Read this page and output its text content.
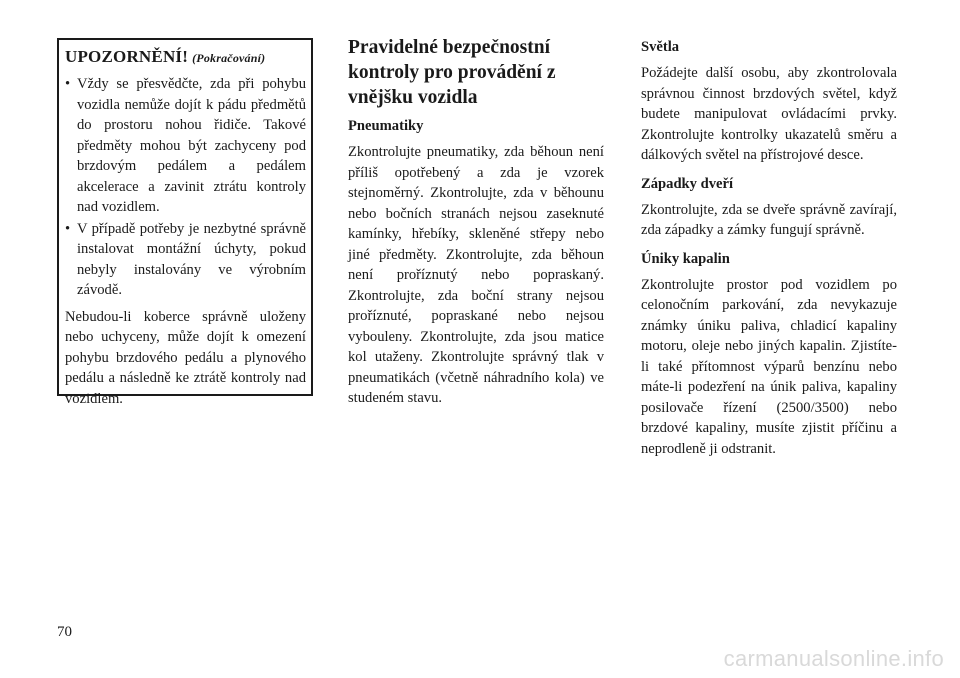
UPOZORNĚNÍ! (Pokračování)
• Vždy se přesvědčte, zda při pohybu vozidla nemůže dojít k pádu předmětů do prostoru nohou řidiče. Takové předměty mohou být zachyceny pod brzdovým pedálem a pedálem akcelerace a zavinit ztrátu kontroly nad vozidlem.
• V případě potřeby je nezbytné správně instalovat montážní úchyty, pokud nebyly instalovány ve výrobním závodě.

Nebudou-li koberce správně uloženy nebo uchyceny, může dojít k omezení pohybu brzdového pedálu a plynového pedálu a následně ke ztrátě kontroly nad vozidlem.

Pravidelné bezpečnostní kontroly pro provádění z vnějšku vozidla
Pneumatiky

Zkontrolujte pneumatiky, zda běhoun není příliš opotřebený a zda je vzorek stejnoměrný. Zkontrolujte, zda v běhounu nebo bočních stranách nejsou zaseknuté kamínky, hřebíky, skleněné střepy nebo jiné předměty. Zkontrolujte, zda běhoun není proříznutý nebo popraskaný. Zkontrolujte, zda boční strany nejsou proříznuté, popraskané nebo nejsou vybouleny. Zkontrolujte, zda jsou matice kol utaženy. Zkontrolujte správný tlak v pneumatikách (včetně náhradního kola) ve studeném stavu.

Světla

Požádejte další osobu, aby zkontrolovala správnou činnost brzdových světel, když budete manipulovat ovládacími prvky. Zkontrolujte kontrolky ukazatelů směru a dálkových světel na přístrojové desce.

Západky dveří

Zkontrolujte, zda se dveře správně zavírají, zda západky a zámky fungují správně.

Úniky kapalin

Zkontrolujte prostor pod vozidlem po celonočním parkování, zda nevykazuje známky úniku paliva, chladicí kapaliny motoru, oleje nebo jiných kapalin. Zjistíte-li také přítomnost výparů benzínu nebo máte-li podezření na únik paliva, kapaliny posilovače řízení (2500/3500) nebo brzdové kapaliny, musíte zjistit příčinu a neprodleně ji odstranit.

70
carmanualsonline.info
